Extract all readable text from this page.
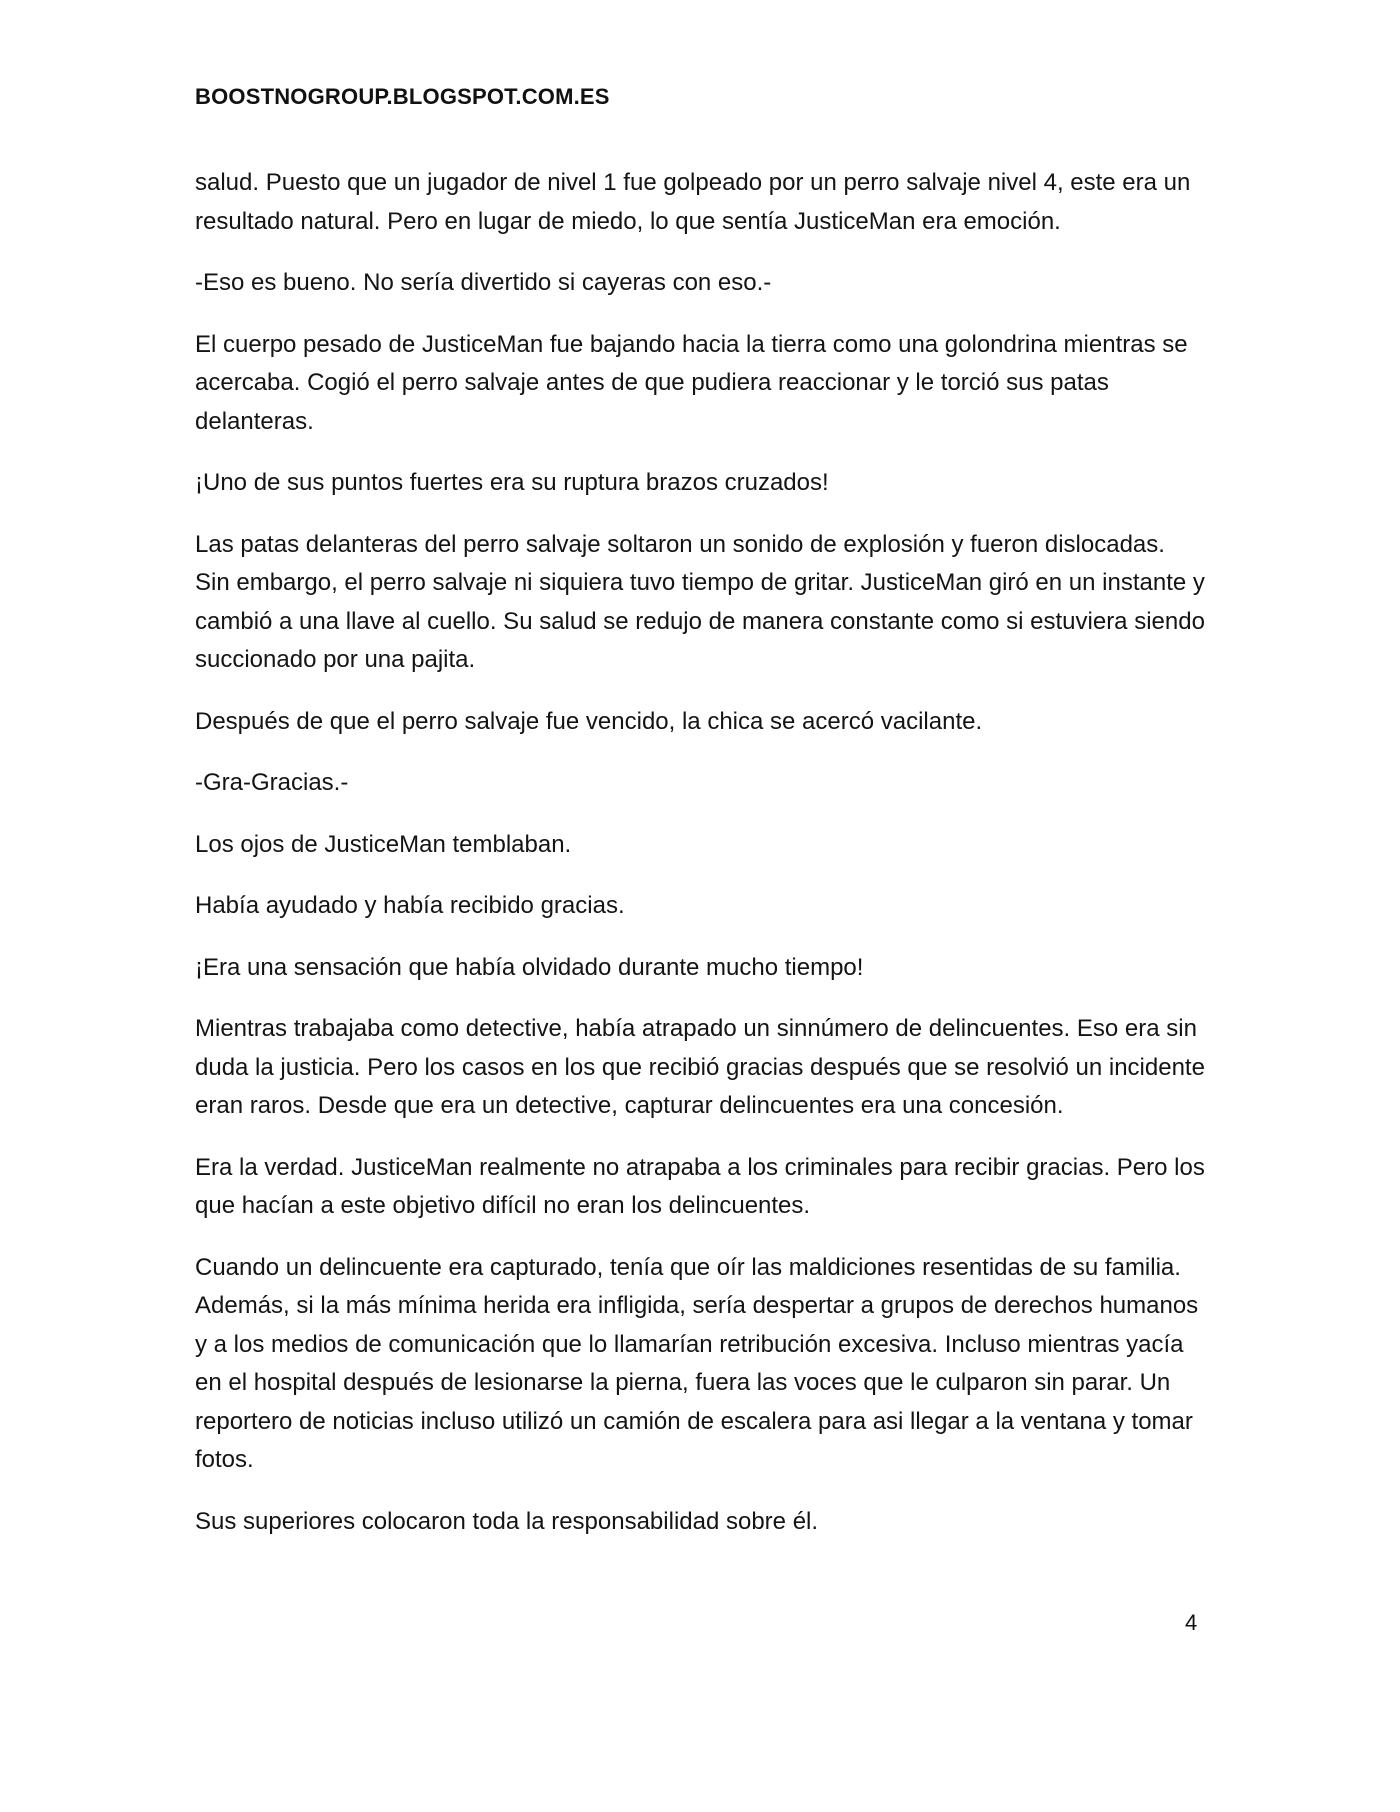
BOOSTNOGROUP.BLOGSPOT.COM.ES

salud. Puesto que un jugador de nivel 1 fue golpeado por un perro salvaje nivel 4, este era un resultado natural. Pero en lugar de miedo, lo que sentía JusticeMan era emoción.

-Eso es bueno. No sería divertido si cayeras con eso.-

El cuerpo pesado de JusticeMan fue bajando hacia la tierra como una golondrina mientras se acercaba. Cogió el perro salvaje antes de que pudiera reaccionar y le torció sus patas delanteras.

¡Uno de sus puntos fuertes era su ruptura brazos cruzados!

Las patas delanteras del perro salvaje soltaron un sonido de explosión y fueron dislocadas. Sin embargo, el perro salvaje ni siquiera tuvo tiempo de gritar. JusticeMan giró en un instante y cambió a una llave al cuello. Su salud se redujo de manera constante como si estuviera siendo succionado por una pajita.

Después de que el perro salvaje fue vencido, la chica se acercó vacilante.

-Gra-Gracias.-

Los ojos de JusticeMan temblaban.

Había ayudado y había recibido gracias.

¡Era una sensación que había olvidado durante mucho tiempo!

Mientras trabajaba como detective, había atrapado un sinnúmero de delincuentes. Eso era sin duda la justicia. Pero los casos en los que recibió gracias después que se resolvió un incidente eran raros. Desde que era un detective, capturar delincuentes era una concesión.

Era la verdad. JusticeMan realmente no atrapaba a los criminales para recibir gracias. Pero los que hacían a este objetivo difícil no eran los delincuentes.

Cuando un delincuente era capturado, tenía que oír las maldiciones resentidas de su familia. Además, si la más mínima herida era infligida, sería despertar a grupos de derechos humanos y a los medios de comunicación que lo llamarían retribución excesiva. Incluso mientras yacía en el hospital después de lesionarse la pierna, fuera las voces que le culparon sin parar. Un reportero de noticias incluso utilizó un camión de escalera para asi llegar a la ventana y tomar fotos.

Sus superiores colocaron toda la responsabilidad sobre él.

4
